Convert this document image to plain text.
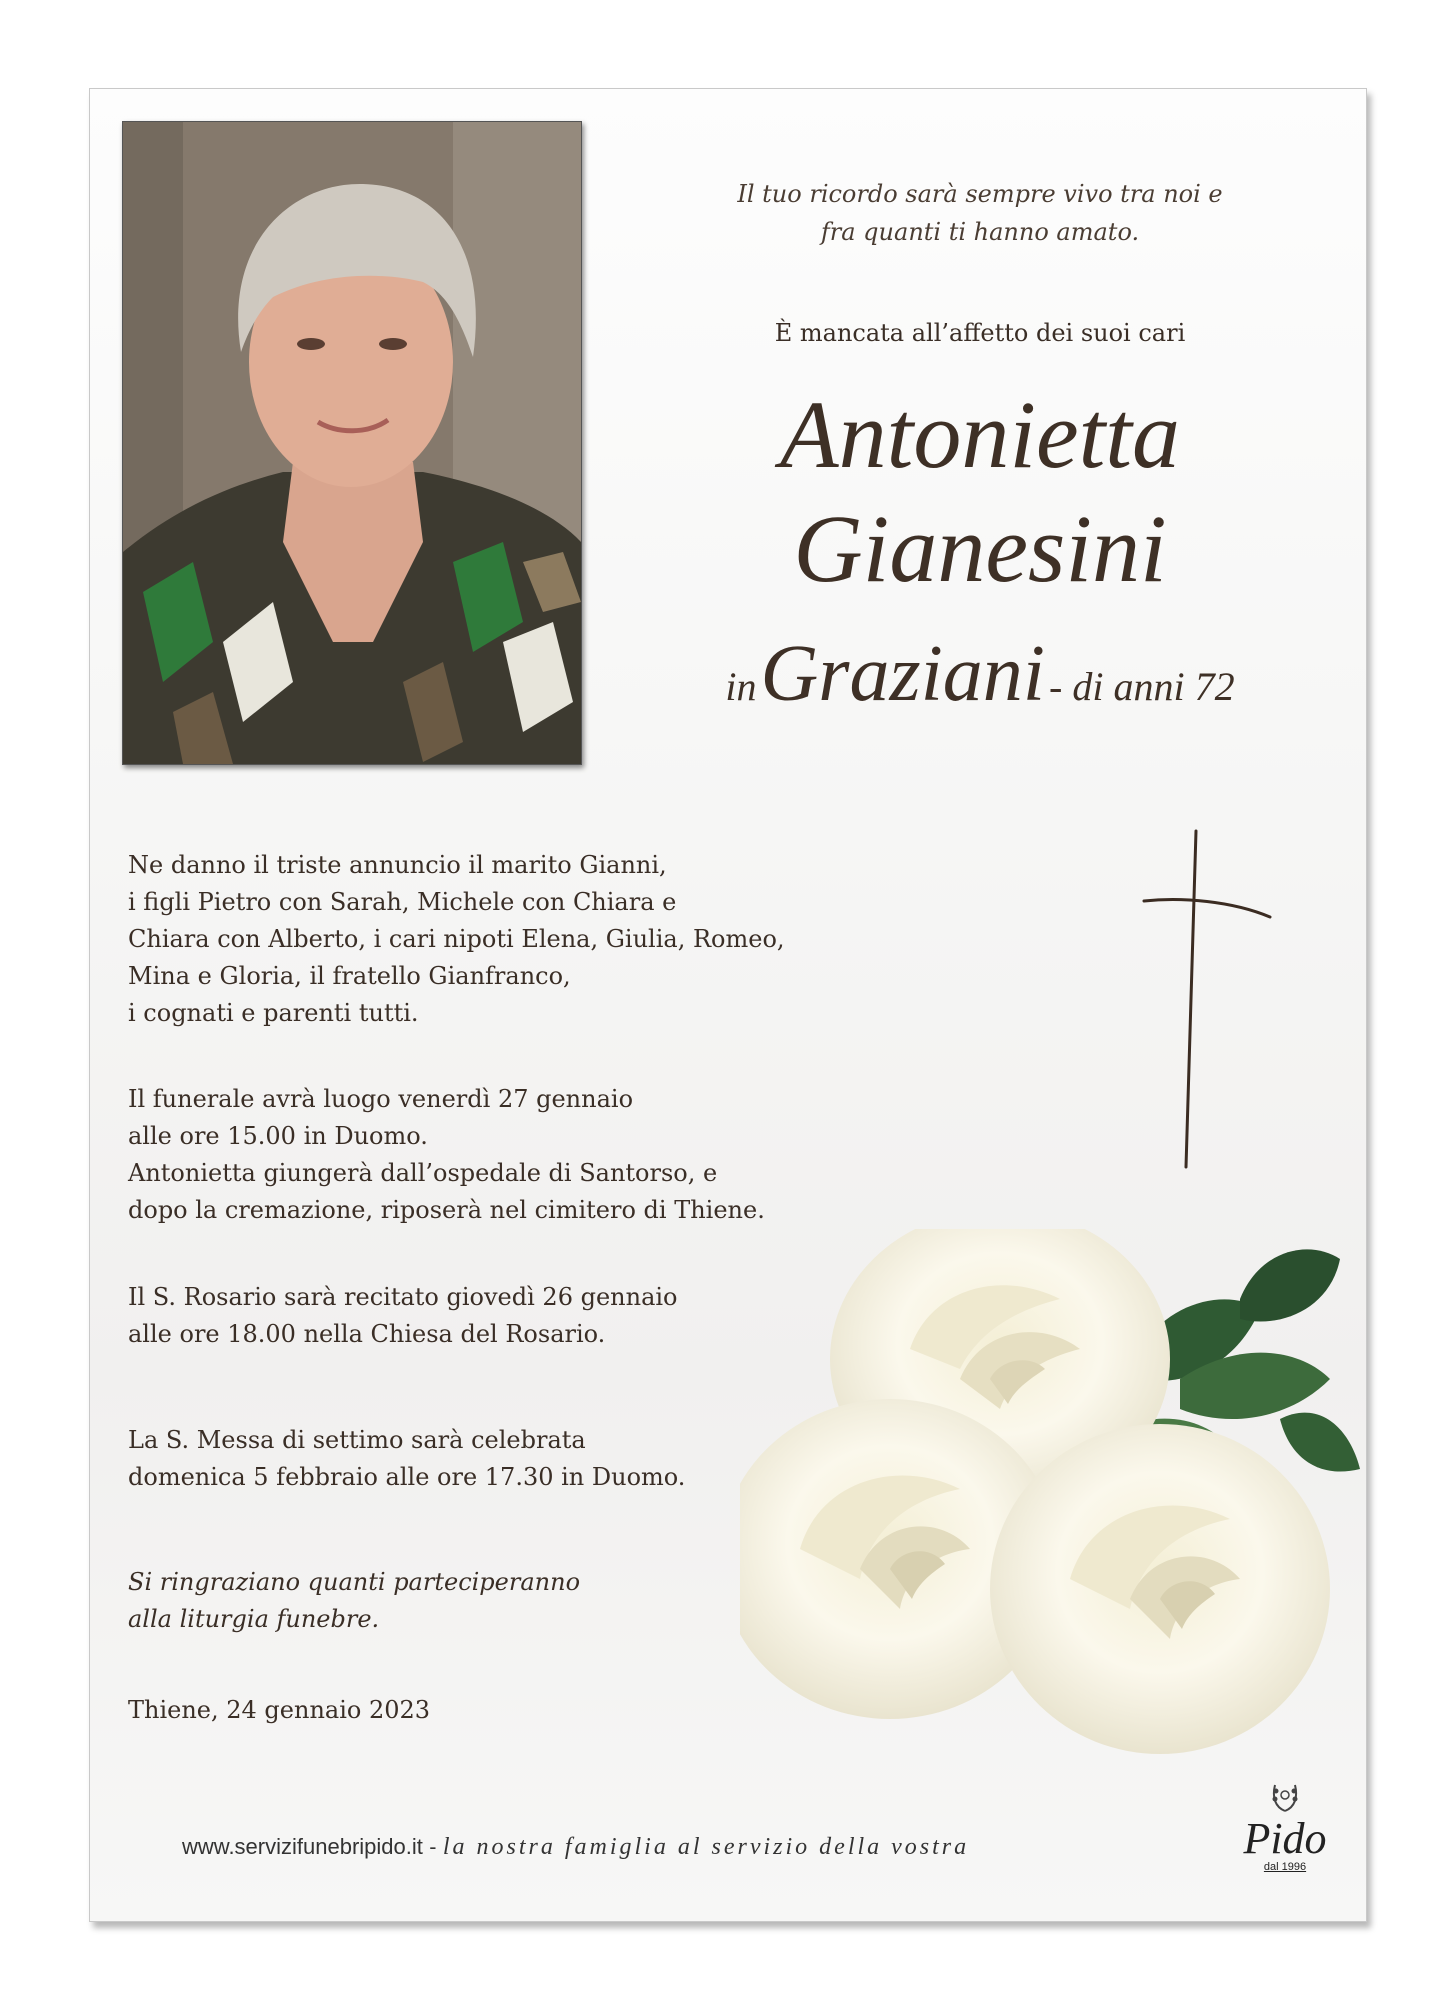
Il tuo ricordo sarà sempre vivo tra noi e
fra quanti ti hanno amato.
È mancata all’affetto dei suoi cari
Antonietta
Gianesini
in Graziani - di anni 72
Ne danno il triste annuncio il marito Gianni,
i figli Pietro con Sarah, Michele con Chiara e
Chiara con Alberto, i cari nipoti Elena, Giulia, Romeo,
Mina e Gloria, il fratello Gianfranco,
i cognati e parenti tutti.
Il funerale avrà luogo venerdì 27 gennaio
alle ore 15.00 in Duomo.
Antonietta giungerà dall’ospedale di Santorso, e
dopo la cremazione, riposerà nel cimitero di Thiene.
Il S. Rosario sarà recitato giovedì 26 gennaio
alle ore 18.00 nella Chiesa del Rosario.
La S. Messa di settimo sarà celebrata
domenica 5 febbraio alle ore 17.30 in Duomo.
Si ringraziano quanti parteciperanno
alla liturgia funebre.
Thiene, 24 gennaio 2023
Pido
dal 1996
www.servizifunebripido.it - la nostra famiglia al servizio della vostra
